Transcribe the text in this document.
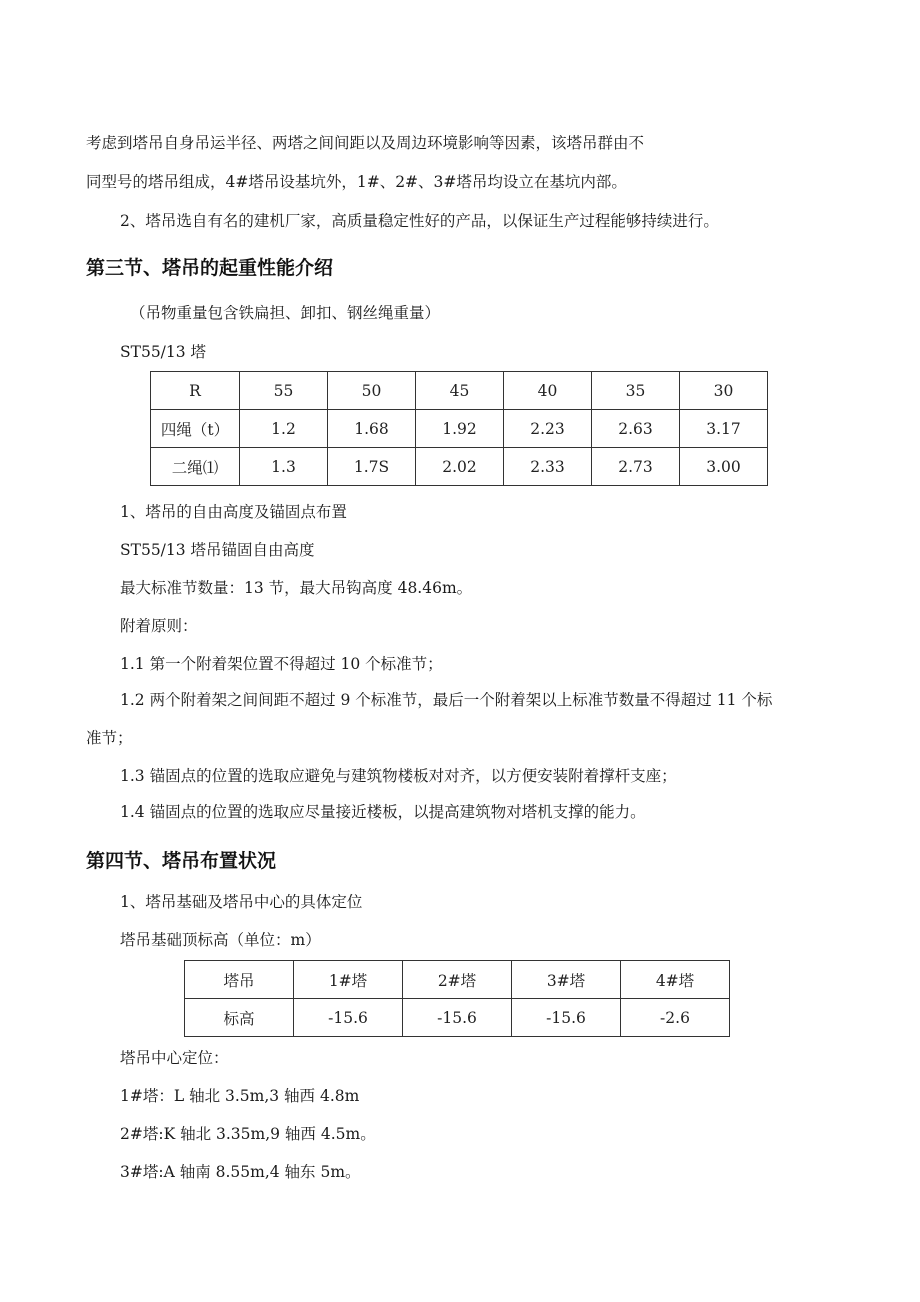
考虑到塔吊自身吊运半径、两塔之间间距以及周边环境影响等因素，该塔吊群由不
同型号的塔吊组成，4#塔吊设基坑外，1#、2#、3#塔吊均设立在基坑内部。
2、塔吊选自有名的建机厂家，高质量稳定性好的产品，以保证生产过程能够持续进行。
第三节、塔吊的起重性能介绍
（吊物重量包含铁扁担、卸扣、钢丝绳重量）
ST55/13 塔
R	55	50	45	40	35	30
四绳（t）	1.2	1.68	1.92	2.23	2.63	3.17
二绳⑴	1.3	1.7S	2.02	2.33	2.73	3.00
1、塔吊的自由高度及锚固点布置
ST55/13 塔吊锚固自由高度
最大标准节数量：13 节，最大吊钩高度 48.46m。
附着原则：
1.1 第一个附着架位置不得超过 10 个标准节；
1.2 两个附着架之间间距不超过 9 个标准节，最后一个附着架以上标准节数量不得超过 11 个标
准节；
1.3 锚固点的位置的选取应避免与建筑物楼板对对齐，以方便安装附着撑杆支座；
1.4 锚固点的位置的选取应尽量接近楼板，以提高建筑物对塔机支撑的能力。
第四节、塔吊布置状况
1、塔吊基础及塔吊中心的具体定位
塔吊基础顶标高（单位：m）
塔吊	1#塔	2#塔	3#塔	4#塔
标高	-15.6	-15.6	-15.6	-2.6
塔吊中心定位：
1#塔：L 轴北 3.5m,3 轴西 4.8m
2#塔:K 轴北 3.35m,9 轴西 4.5m。
3#塔:A 轴南 8.55m,4 轴东 5m。
